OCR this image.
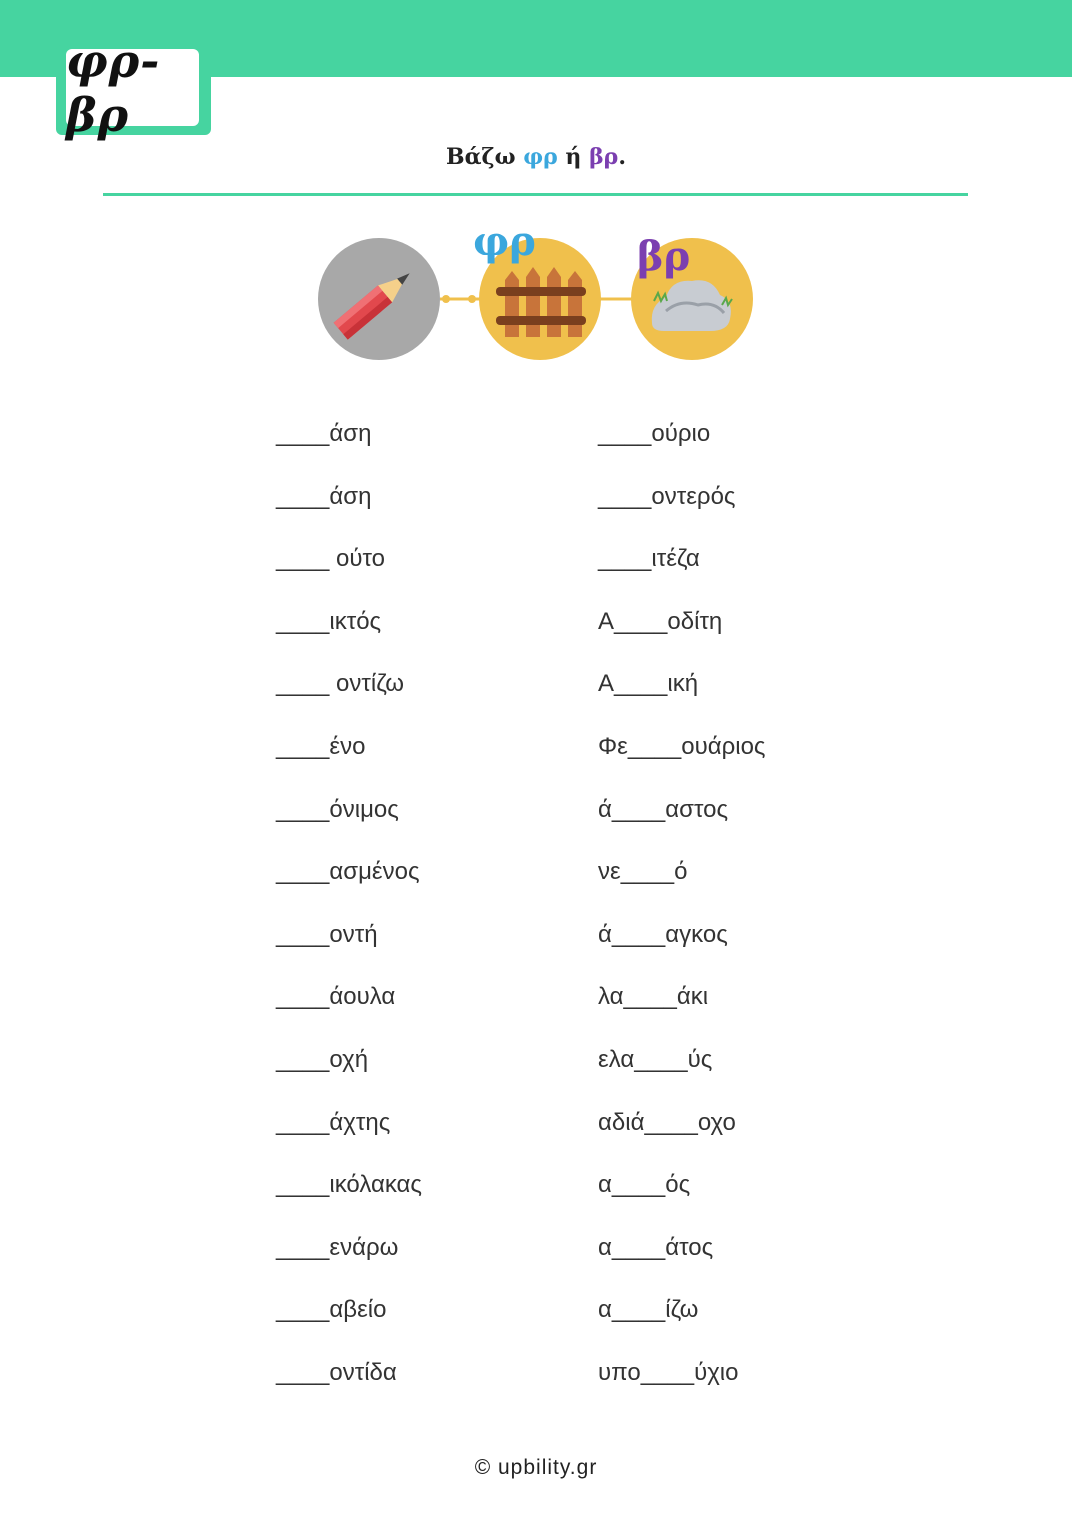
φρ-βρ
Βάζω φρ ή βρ.
φρ	βρ
____άση
____άση
____ ούτο
____ικτός
____ οντίζω
____ένο
____όνιμος
____ασμένος
____οντή
____άουλα
____οχή
____άχτης
____ικόλακας
____ενάρω
____αβείο
____οντίδα
____ούριο
____οντερός
____ιτέζα
Α____οδίτη
Α____ική
Φε____ουάριος
ά____αστος
νε____ό
ά____αγκος
λα____άκι
ελα____ύς
αδιά____οχο
α____ός
α____άτος
α____ίζω
υπο____ύχιο
© upbility.gr
